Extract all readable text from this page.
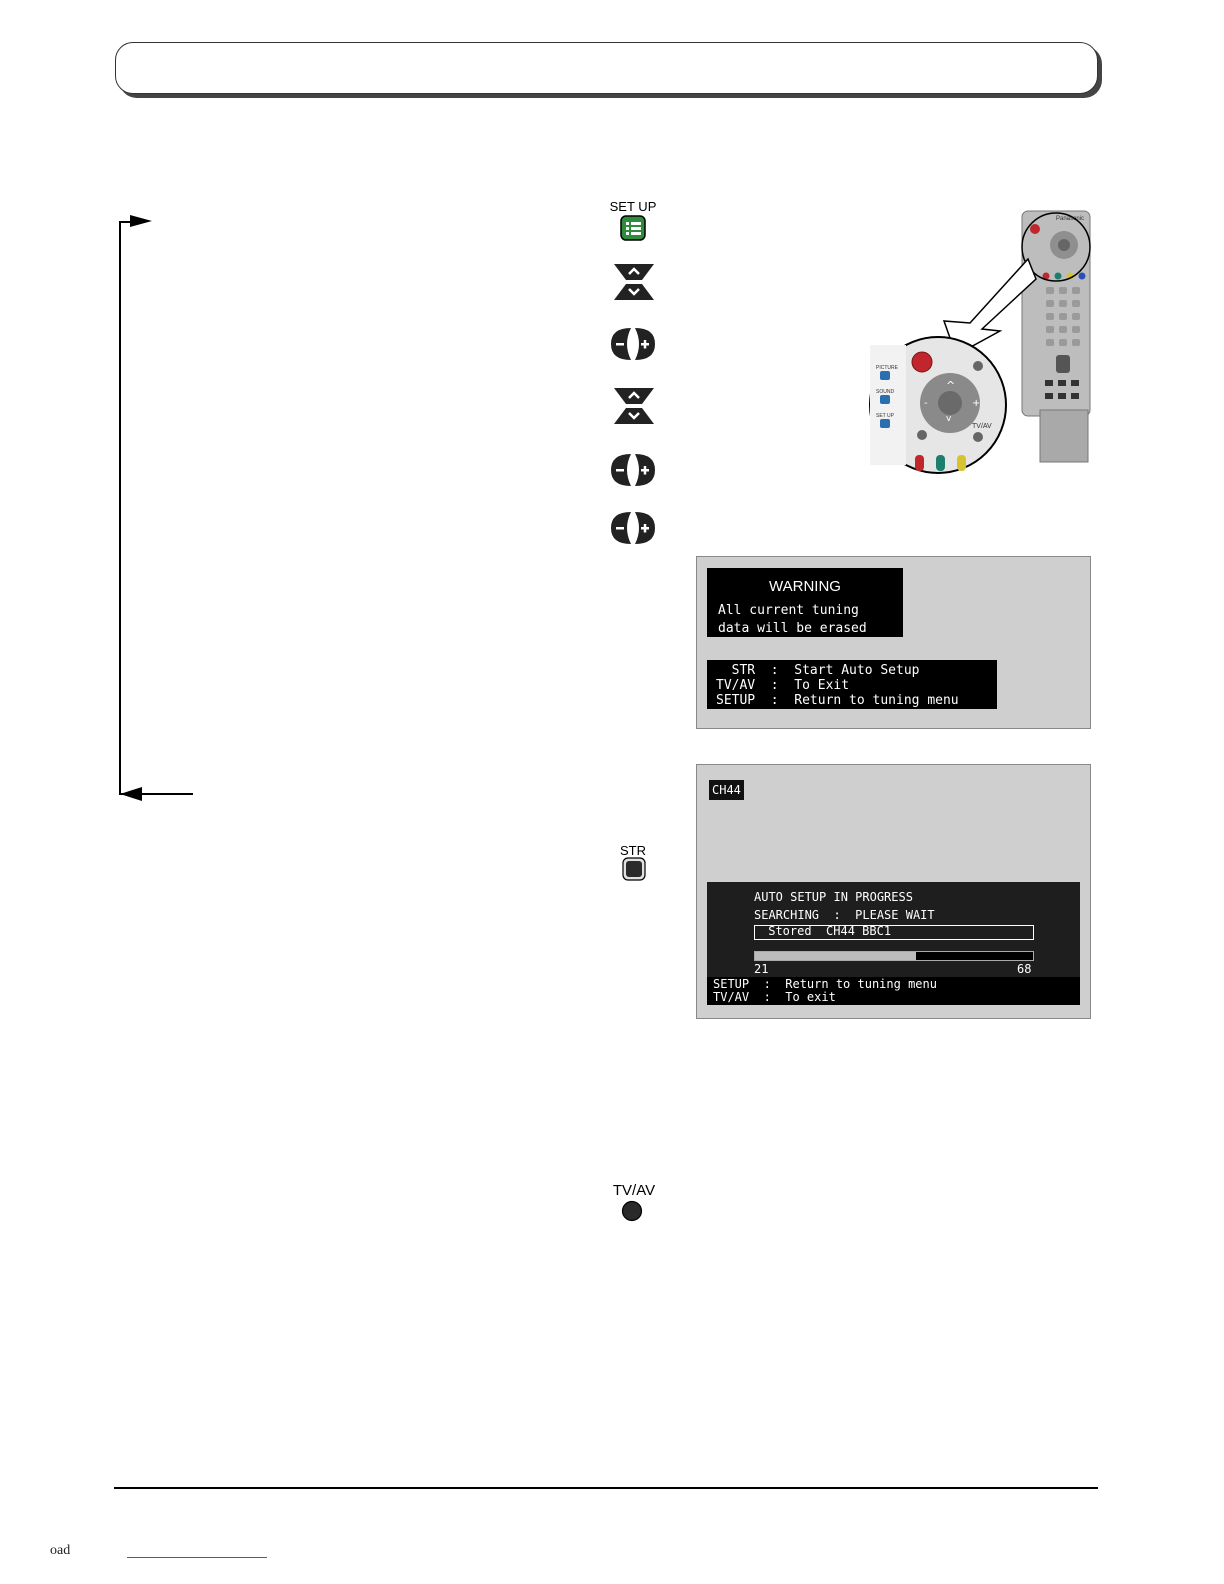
SET UP
Panasonic
^
v
-	+
PICTURE
SOUND
SET UP
TV/AV
WARNING
All current tuning
data will be erased
STR  :  Start Auto Setup
TV/AV  :  To Exit
SETUP  :  Return to tuning menu
STR
CH44
AUTO SETUP IN PROGRESS
SEARCHING  :  PLEASE WAIT
Stored  CH44 BBC1
21	68
SETUP  :  Return to tuning menu
TV/AV  :  To exit
TV/AV
oad
